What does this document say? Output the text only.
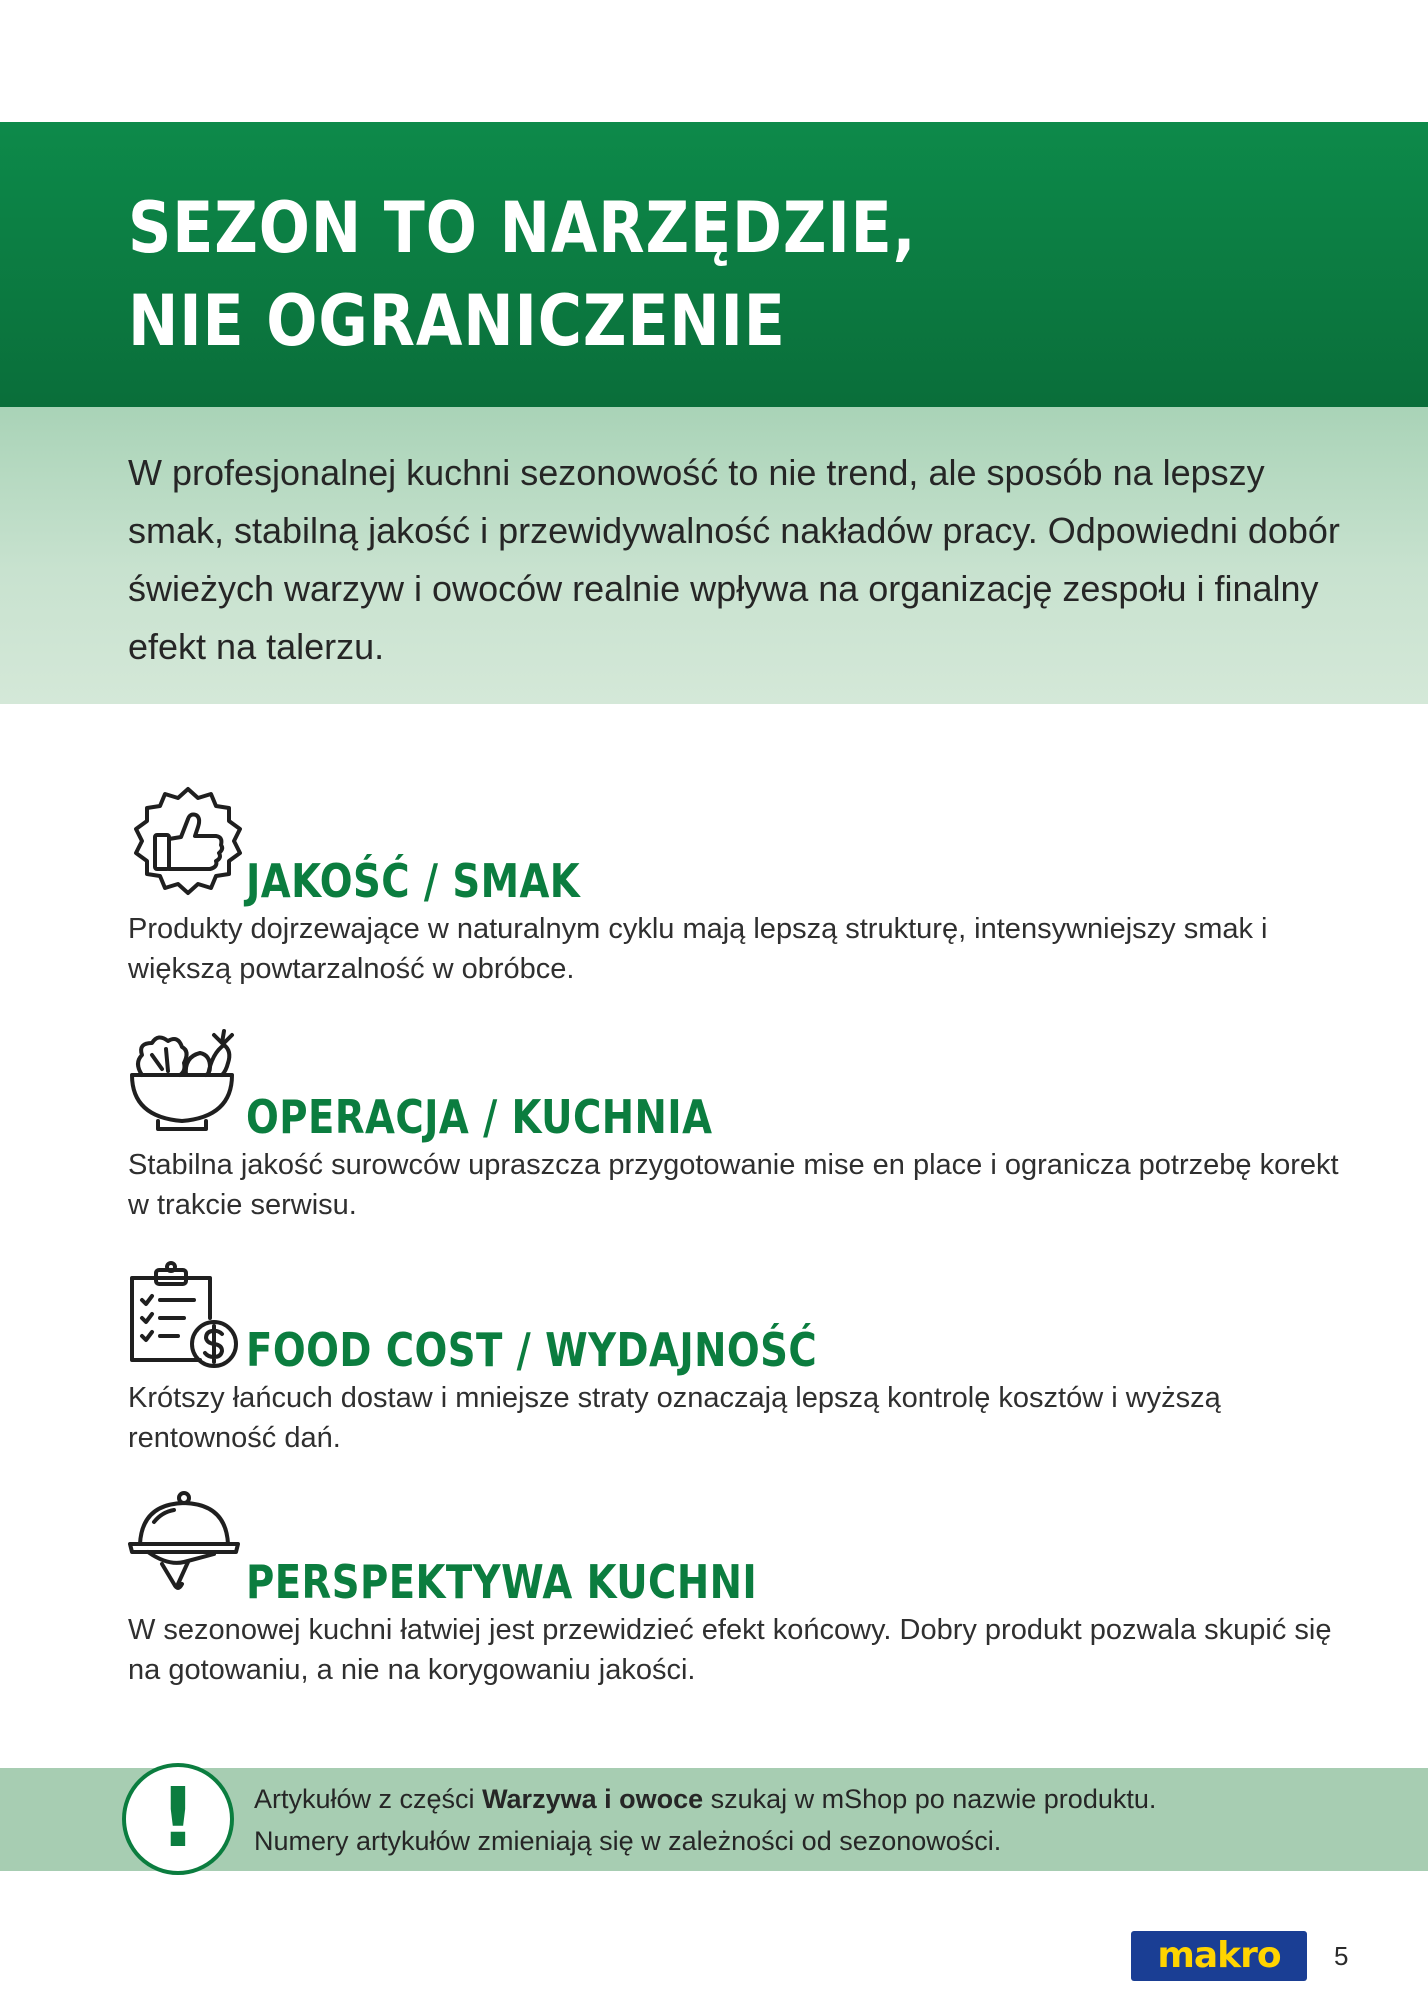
SEZON TO NARZĘDZIE,
NIE OGRANICZENIE

W profesjonalnej kuchni sezonowość to nie trend, ale sposób na lepszy smak, stabilną jakość i przewidywalność nakładów pracy. Odpowiedni dobór świeżych warzyw i owoców realnie wpływa na organizację zespołu i finalny efekt na talerzu.

JAKOŚĆ / SMAK
Produkty dojrzewające w naturalnym cyklu mają lepszą strukturę, intensywniejszy smak i większą powtarzalność w obróbce.
OPERACJA / KUCHNIA
Stabilna jakość surowców upraszcza przygotowanie mise en place i ogranicza potrzebę korekt w trakcie serwisu.
FOOD COST / WYDAJNOŚĆ
Krótszy łańcuch dostaw i mniejsze straty oznaczają lepszą kontrolę kosztów i wyższą rentowność dań.
PERSPEKTYWA KUCHNI
W sezonowej kuchni łatwiej jest przewidzieć efekt końcowy. Dobry produkt pozwala skupić się na gotowaniu, a nie na korygowaniu jakości.
!	Artykułów z części Warzywa i owoce szukaj w mShop po nazwie produktu.
Numery artykułów zmieniają się w zależności od sezonowości.
makro	5
